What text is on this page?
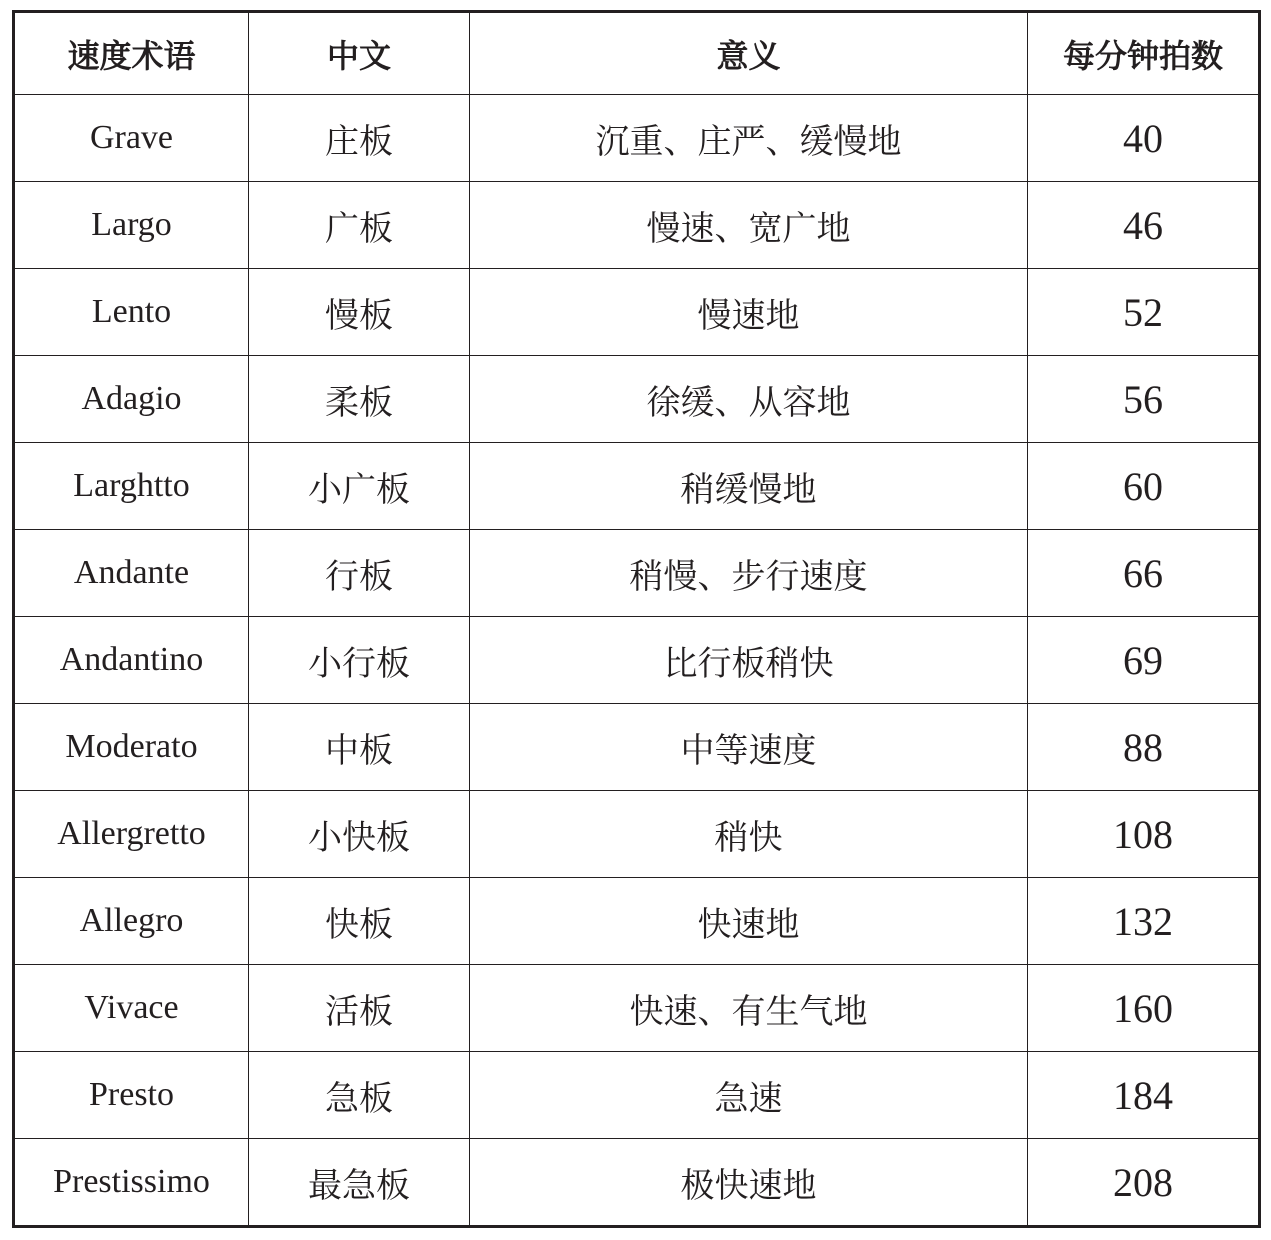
速度术语	中文	意义	每分钟拍数
Grave	庄板	沉重、庄严、缓慢地	40
Largo	广板	慢速、宽广地	46
Lento	慢板	慢速地	52
Adagio	柔板	徐缓、从容地	56
Larghtto	小广板	稍缓慢地	60
Andante	行板	稍慢、步行速度	66
Andantino	小行板	比行板稍快	69
Moderato	中板	中等速度	88
Allergretto	小快板	稍快	108
Allegro	快板	快速地	132
Vivace	活板	快速、有生气地	160
Presto	急板	急速	184
Prestissimo	最急板	极快速地	208
